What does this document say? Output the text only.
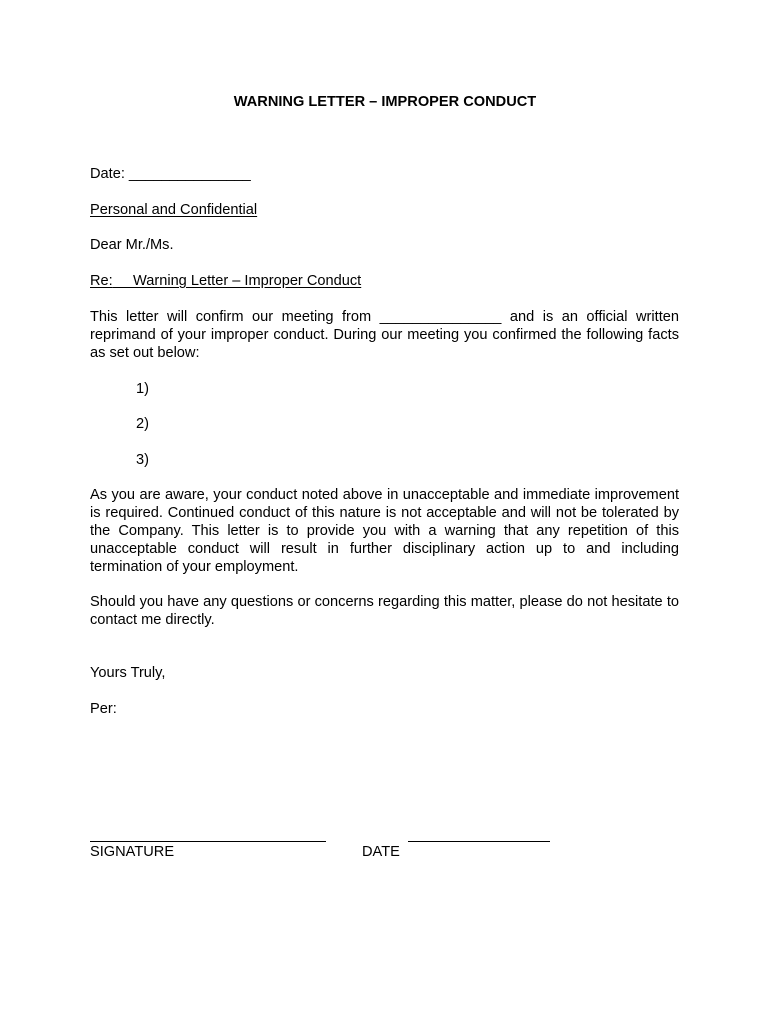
WARNING LETTER – IMPROPER CONDUCT
Date: _______________
Personal and Confidential
Dear Mr./Ms.
Re: Warning Letter – Improper Conduct
This letter will confirm our meeting from _______________ and is an official written reprimand of your improper conduct. During our meeting you confirmed the following facts as set out below:
1)
2)
3)
As you are aware, your conduct noted above in unacceptable and immediate improvement is required. Continued conduct of this nature is not acceptable and will not be tolerated by the Company. This letter is to provide you with a warning that any repetition of this unacceptable conduct will result in further disciplinary action up to and including termination of your employment.
Should you have any questions or concerns regarding this matter, please do not hesitate to contact me directly.
Yours Truly,
Per:
SIGNATURE	DATE
